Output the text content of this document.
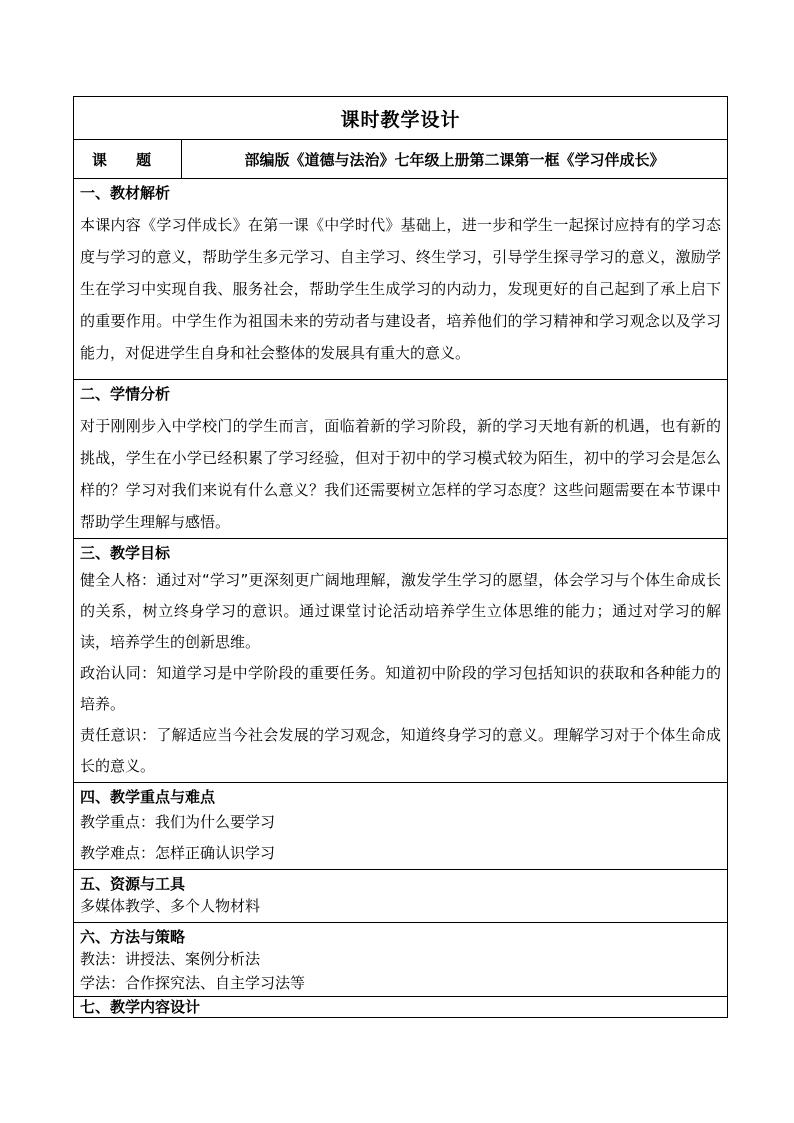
课时教学设计
课 题	部编版《道德与法治》七年级上册第二课第一框《学习伴成长》

一、教材解析

本课内容《学习伴成长》在第一课《中学时代》基础上，进一步和学生一起探讨应持有的学习态度与学习的意义，帮助学生多元学习、自主学习、终生学习，引导学生探寻学习的意义，激励学生在学习中实现自我、服务社会，帮助学生生成学习的内动力，发现更好的自己起到了承上启下的重要作用。中学生作为祖国未来的劳动者与建设者，培养他们的学习精神和学习观念以及学习能力，对促进学生自身和社会整体的发展具有重大的意义。

二、学情分析

对于刚刚步入中学校门的学生而言，面临着新的学习阶段，新的学习天地有新的机遇，也有新的挑战，学生在小学已经积累了学习经验，但对于初中的学习模式较为陌生，初中的学习会是怎么样的？学习对我们来说有什么意义？我们还需要树立怎样的学习态度？这些问题需要在本节课中帮助学生理解与感悟。

三、教学目标

健全人格：通过对“学习”更深刻更广阔地理解，激发学生学习的愿望，体会学习与个体生命成长的关系，树立终身学习的意识。通过课堂讨论活动培养学生立体思维的能力；通过对学习的解读，培养学生的创新思维。

政治认同：知道学习是中学阶段的重要任务。知道初中阶段的学习包括知识的获取和各种能力的培养。

责任意识：了解适应当今社会发展的学习观念，知道终身学习的意义。理解学习对于个体生命成长的意义。

四、教学重点与难点

教学重点：我们为什么要学习

教学难点：怎样正确认识学习

五、资源与工具

多媒体教学、多个人物材料

六、方法与策略

教法：讲授法、案例分析法

学法：合作探究法、自主学习法等

七、教学内容设计
